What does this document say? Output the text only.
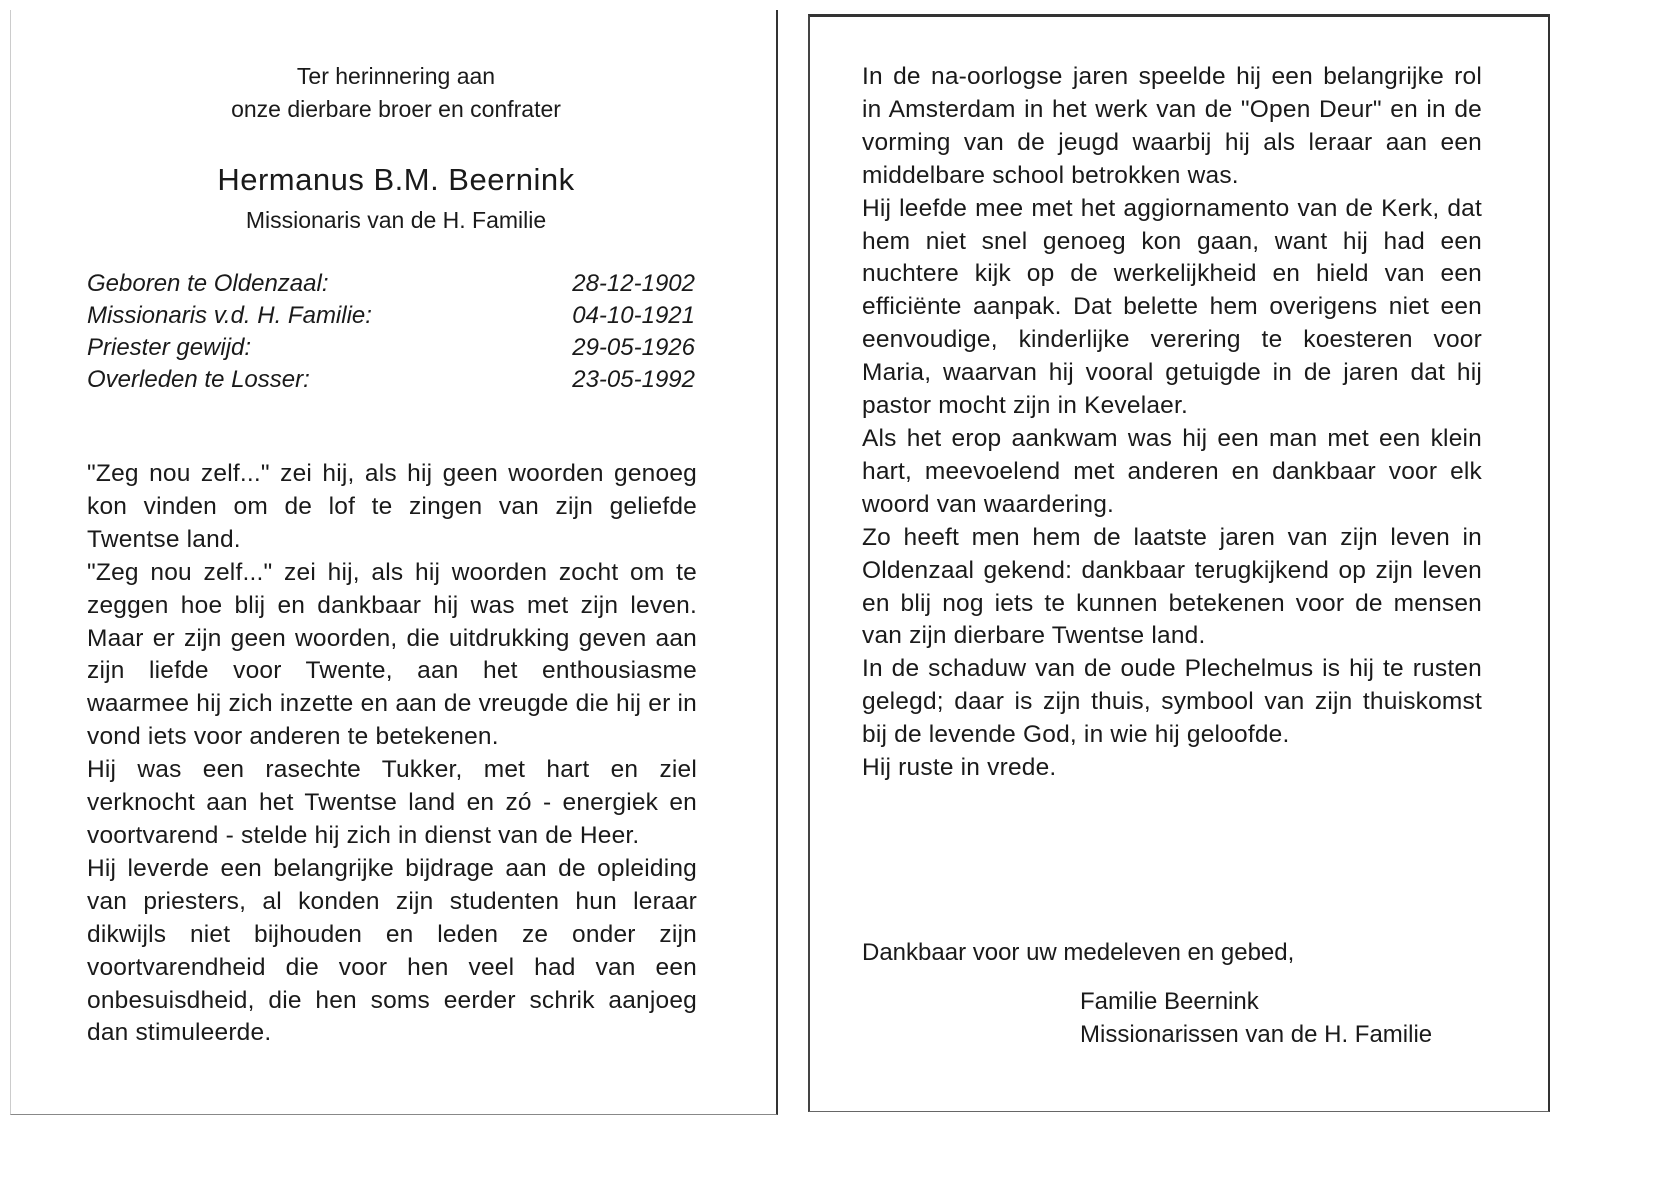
Ter herinnering aan
onze dierbare broer en confrater
Hermanus B.M. Beernink
Missionaris van de H. Familie
Geboren te Oldenzaal:	28-12-1902
Missionaris v.d. H. Familie:	04-10-1921
Priester gewijd:	29-05-1926
Overleden te Losser:	23-05-1992

"Zeg nou zelf..." zei hij, als hij geen woorden genoeg kon vinden om de lof te zingen van zijn geliefde Twentse land.

"Zeg nou zelf..." zei hij, als hij woorden zocht om te zeggen hoe blij en dankbaar hij was met zijn leven. Maar er zijn geen woorden, die uitdrukking geven aan zijn liefde voor Twente, aan het enthousiasme waarmee hij zich inzette en aan de vreugde die hij er in vond iets voor anderen te betekenen.

Hij was een rasechte Tukker, met hart en ziel verknocht aan het Twentse land en zó - energiek en voortvarend - stelde hij zich in dienst van de Heer.

Hij leverde een belangrijke bijdrage aan de opleiding van priesters, al konden zijn studenten hun leraar dikwijls niet bijhouden en leden ze onder zijn voortvarendheid die voor hen veel had van een onbesuisdheid, die hen soms eerder schrik aanjoeg dan stimuleerde.

In de na-oorlogse jaren speelde hij een belangrijke rol in Amsterdam in het werk van de "Open Deur" en in de vorming van de jeugd waarbij hij als leraar aan een middelbare school betrokken was.

Hij leefde mee met het aggiornamento van de Kerk, dat hem niet snel genoeg kon gaan, want hij had een nuchtere kijk op de werkelijkheid en hield van een efficiënte aanpak. Dat belette hem overigens niet een eenvoudige, kinderlijke verering te koesteren voor Maria, waarvan hij vooral getuigde in de jaren dat hij pastor mocht zijn in Kevelaer.

Als het erop aankwam was hij een man met een klein hart, meevoelend met anderen en dankbaar voor elk woord van waardering.

Zo heeft men hem de laatste jaren van zijn leven in Oldenzaal gekend: dankbaar terugkijkend op zijn leven en blij nog iets te kunnen betekenen voor de mensen van zijn dierbare Twentse land.

In de schaduw van de oude Plechelmus is hij te rusten gelegd; daar is zijn thuis, symbool van zijn thuiskomst bij de levende God, in wie hij geloofde.

Hij ruste in vrede.

Dankbaar voor uw medeleven en gebed,
Familie Beernink
Missionarissen van de H. Familie
